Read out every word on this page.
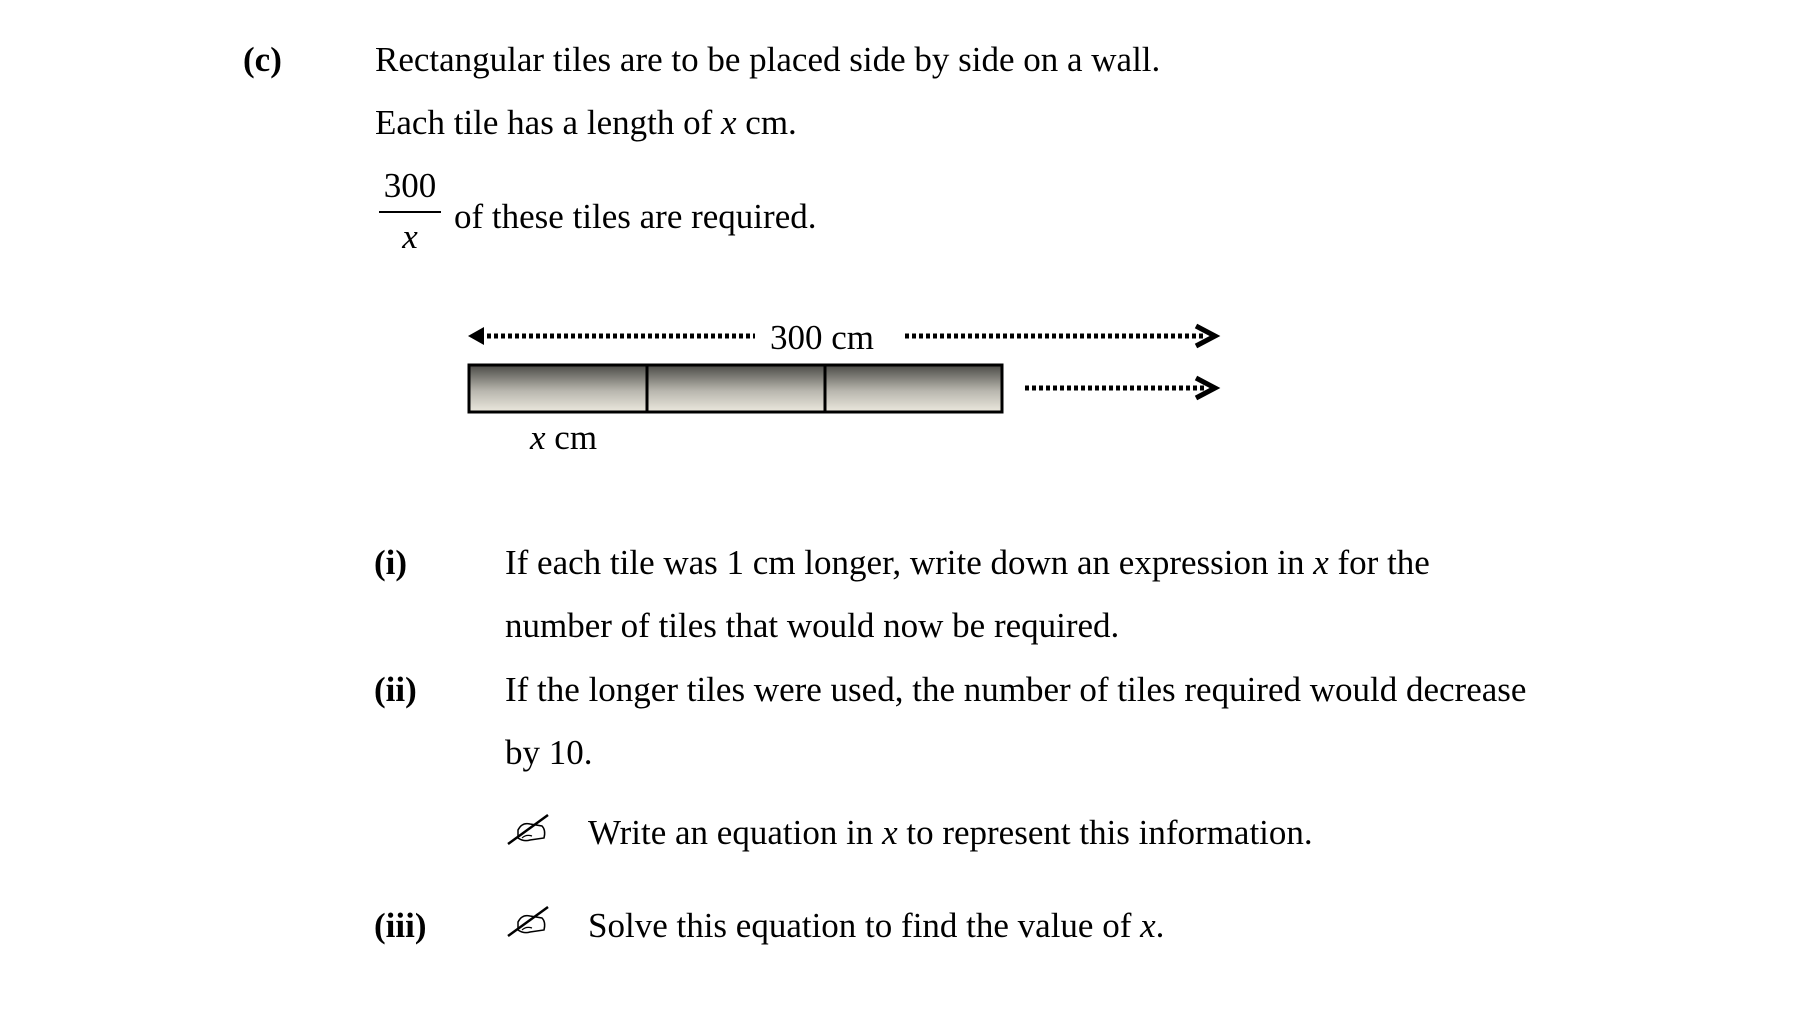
(c)	Rectangular tiles are to be placed side by side on a wall.
Each tile has a length of x cm.
300
x
of these tiles are required.
300 cm
x cm
(i)	If each tile was 1 cm longer, write down an expression in x for the
number of tiles that would now be required.
(ii)	If the longer tiles were used, the number of tiles required would decrease
by 10.
Write an equation in x to represent this information.
(iii)	Solve this equation to find the value of x.
